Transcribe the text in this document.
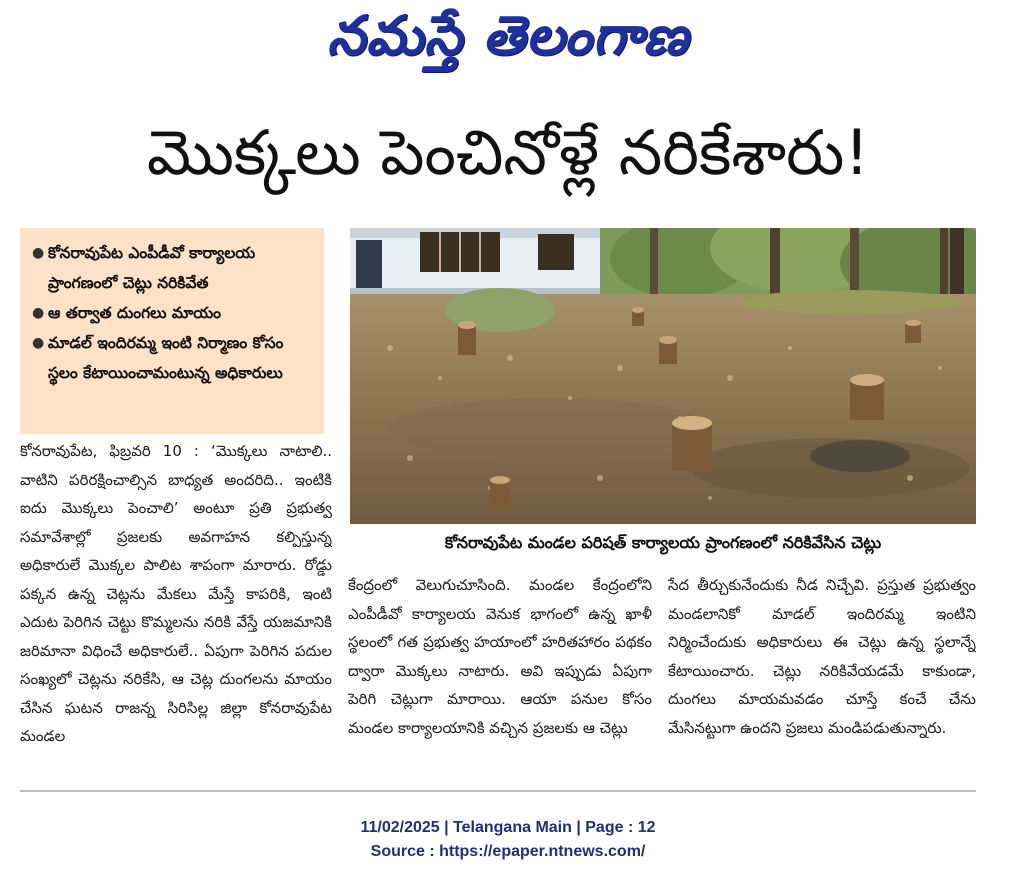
నమస్తే తెలంగాణ
మొక్కలు పెంచినోళ్లే నరికేశారు!
● కోనరావుపేట ఎంపీడీవో కార్యాలయ ప్రాంగణంలో చెట్లు నరికివేత
● ఆ తర్వాత దుంగలు మాయం
● మాడల్ ఇందిరమ్మ ఇంటి నిర్మాణం కోసం స్థలం కేటాయించామంటున్న అధికారులు
కోనరావుపేట మండల పరిషత్ కార్యాలయ ప్రాంగణంలో నరికివేసిన చెట్లు
కోనరావుపేట, ఫిబ్రవరి 10 : ‘మొక్కలు నాటాలి.. వాటిని పరిరక్షించాల్సిన బాధ్యత అందరిది.. ఇంటికి ఐదు మొక్కలు పెంచాలి’ అంటూ ప్రతి ప్రభుత్వ సమావేశాల్లో ప్రజలకు అవగాహన కల్పిస్తున్న అధికారులే మొక్కల పాలిట శాపంగా మారారు. రోడ్డు పక్కన ఉన్న చెట్లను మేకలు మేస్తే కాపరికి, ఇంటి ఎదుట పెరిగిన చెట్టు కొమ్మలను నరికి వేస్తే యజమానికి జరిమానా విధించే అధికారులే.. ఏపుగా పెరిగిన పదుల సంఖ్యలో చెట్లను నరికేసి, ఆ చెట్ల దుంగలను మాయం చేసిన ఘటన రాజన్న సిరిసిల్ల జిల్లా కోనరావుపేట మండల
కేంద్రంలో వెలుగుచూసింది. మండల కేంద్రంలోని ఎంపీడీవో కార్యాలయ వెనుక భాగంలో ఉన్న ఖాళీ స్థలంలో గత ప్రభుత్వ హయాంలో హరితహారం పథకం ద్వారా మొక్కలు నాటారు. అవి ఇప్పుడు ఏపుగా పెరిగి చెట్లుగా మారాయి. ఆయా పనుల కోసం మండల కార్యాలయానికి వచ్చిన ప్రజలకు ఆ చెట్లు
సేద తీర్చుకునేందుకు నీడ నిచ్చేవి. ప్రస్తుత ప్రభుత్వం మండలానికో మాడల్ ఇందిరమ్మ ఇంటిని నిర్మించేందుకు అధికారులు ఈ చెట్లు ఉన్న స్థలాన్నే కేటాయించారు. చెట్లు నరికివేయడమే కాకుండా, దుంగలు మాయమవడం చూస్తే కంచే చేను మేసినట్టుగా ఉందని ప్రజలు మండిపడుతున్నారు.
11/02/2025 | Telangana Main | Page : 12
Source : https://epaper.ntnews.com/
